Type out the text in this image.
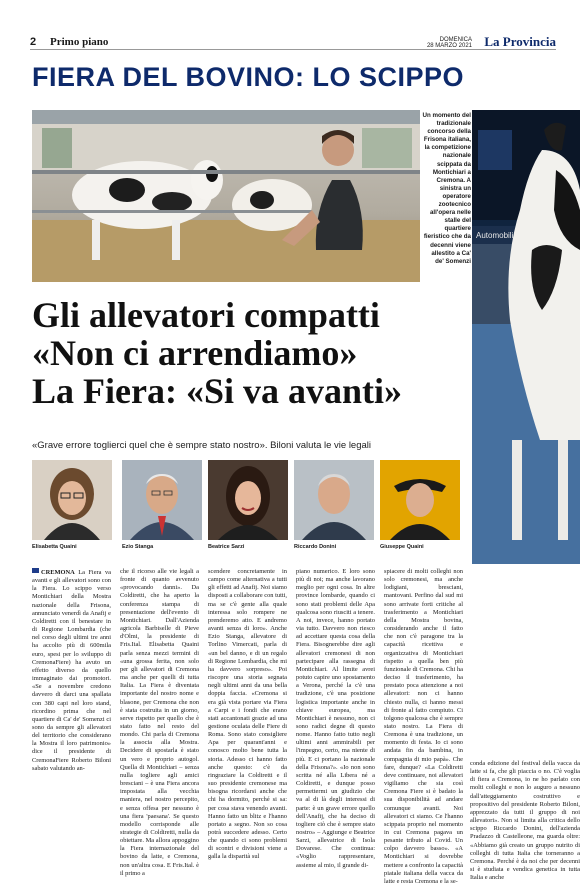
2 Primo piano	DOMENICA
28 MARZO 2021 La Provincia
FIERA DEL BOVINO: LO SCIPPO
Un momento del tradizionale concorso della Frisona italiana, la competizione nazionale scippata da Montichiari a Cremona. A sinistra un operatore zootecnico all'opera nelle stalle del quartiere fieristico che da decenni viene allestito a Ca' de' Somenzi
Automobili
Gli allevatori compatti
«Non ci arrendiamo»
La Fiera: «Si va avanti»
«Grave errore toglierci quel che è sempre stato nostro». Biloni valuta le vie legali
Elisabetta Quaini	Ezio Stanga	Beatrice Sarzi	Riccardo Donini	Giuseppe Quaini
CREMONA La Fiera va avanti e gli allevatori sono con la Fiera. Lo scippo verso Montichiari della Mostra nazionale della Frisona, annunciato venerdì da Anafij e Coldiretti con il benestare in di Regione Lombardia (che nel corso degli ultimi tre anni ha accolto più di 600mila euro, spesi per lo sviluppo di CremonaFiere) ha avuto un effetto diverso da quello immaginato dai promotori. «Se a novembre credono davvero di darci una spallata con 380 capi nel loro stand, ricordino prima che nel quartiere di Ca' de' Somenzi ci sono da sempre gli allevatori del territorio che considerano la Mostra il loro patrimonio» dice il presidente di CremonaFiere Roberto Biloni sabato valutando an-
che il ricorso alle vie legali a fronte di quanto avvenuto «provocando danni». Da Coldiretti, che ha aperto la conferenza stampa di presentazione dell'evento di Montichiari. Dall'Azienda agricola Barbiselle di Pieve d'Olmi, la presidente di Fris.Ital. Elisabetta Quaini parla senza mezzi termini di «una grossa ferita, non solo per gli allevatori di Cremona ma anche per quelli di tutta Italia. La Fiera è diventata importante del nostro nome e blasone, per Cremona che non è stata costruita in un giorno, serve rispetto per quello che è stato fatto nel resto del mondo. Chi parla di Cremona la associa alla Mostra. Decidere di spostarla è stato un vero e proprio autogol. Quella di Montichiari – senza nulla togliere agli amici bresciani – è una Fiera ancora impostata alla vecchia maniera, nel nostro percepito, e senza offesa per nessuno è una fiera 'paesana'. Se questo modello corrisponde alle strategie di Coldiretti, nulla da obiettare. Ma allora appoggino la Fiera internazionale del bovino da latte, e Cremona, non un'altra cosa. E Fris.Ital. è il primo a
scendere concretamente in campo come alternativa a tutti gli effetti ad Anafij. Noi siamo disposti a collaborare con tutti, ma se c'è gente alla quale interessa solo rompere ne prenderemo atto. E andremo avanti senza di loro». Anche Ezio Stanga, allevatore di Torlino Vimercati, parla di «un bel danno, e di un regalo di Regione Lombardia, che mi ha davvero sorpreso». Poi riscopre una storia segnata negli ultimi anni da una bella doppia faccia. «Cremona si era già vista portare via Fiera a Carpi e i fondi che erano stati accantonati grazie ad una gestione oculata delle Fiere di Roma. Sono stato consigliere Apa per quarant'anni e conosco molto bene tutta la storia. Adesso ci hanno fatto anche questo: c'è da ringraziare la Coldiretti e il suo presidente cremonese ma bisogna ricordarsi anche che chi ha dormito, perché si sa: per cosa stava venendo avanti. Hanno fatto un blitz e l'hanno portato a segno. Non so cosa potrà succedere adesso. Certo che quando ci sono problemi di scontri e divisioni viene a galla la disparità sul
piano numerico. E loro sono più di noi; ma anche lavorano meglio per ogni cosa. In altre province lombarde, quando ci sono stati problemi delle Apa qualcosa sono riusciti a tenere. A noi, invece, hanno portato via tutto. Davvero non riesco ad accettare questa cosa della Fiera. Bisognerebbe dire agli allevatori cremonesi di non partecipare alla rassegna di Montichiari. Al limite avrei potuto capire uno spostamento a Verona, perché la c'è una tradizione, c'è una posizione logistica importante anche in chiave europea, ma Montichiari è nessuno, non ci sono radici degne di questo nome. Hanno fatto tutto negli ultimi anni ammirabili per l'impegno, certo, ma niente di più. E ci portano la nazionale della Frisona?». «Io non sono scritta né alla Libera né a Coldiretti, e dunque posso permettermi un giudizio che va al di là degli interessi di parte: è un grave errore quello dell'Anafij, che ha deciso di togliere ciò che è sempre stato nostro» – Aggiunge e Beatrice Sarzi, allevatrice di Isola Dovarese. Che continua: «Voglio rappresentare, assieme al mio, il grande di-
spiacere di molti colleghi non solo cremonesi, ma anche lodigiani, bresciani, mantovani. Perfino dal sud mi sono arrivate forti critiche al trasferimento a Montichiari della Mostra bovina, considerando anche il fatto che non c'è paragone tra la capacità ricettiva e organizzativa di Montichiari rispetto a quella ben più funzionale di Cremona. Chi ha deciso il trasferimento, ha prestato poca attenzione a noi allevatori: non ci hanno chiesto nulla, ci hanno messi di fronte al fatto compiuto. Ci tolgono qualcosa che è sempre stato nostro. La Fiera di Cremona è una tradizione, un momento di festa. Io ci sono andata fin da bambina, in compagnia di mio papà». Che fare, dunque? «La Coldiretti deve continuare, noi allevatori vigiliamo che sia così Cremona Fiere si è badato la sua disponibilità ad andare comunque avanti. Noi allevatori ci siamo. Ce l'hanno scippata proprio nel momento in cui Cremona pagava un pesante tributo al Covid. Un colpo davvero basso». «A Montichiari si dovrebbe mettere a confronto la capacità piatale italiana della vacca da latte e resta Cremona e la se-
conda edizione del festival della vacca da latte si fa, che gli piaccia o no. C'è voglia di fiera a Cremona, io ne ho parlato con molti colleghi e non lo auguro a nessuno dall'atteggiamento costruttivo e propositivo del presidente Roberto Biloni, apprezzato da tutti il gruppo di noi allevatori». Non si limita alla critica dello scippo Riccardo Donini, dell'azienda Pradazzo di Castelleone, ma guarda oltre: «Abbiamo già creato un gruppo nutrito di colleghi di tutta Italia che torneranno a Cremona. Perché è da noi che per decenni si è studiata e vendica genetica in tutta Italia e anche
